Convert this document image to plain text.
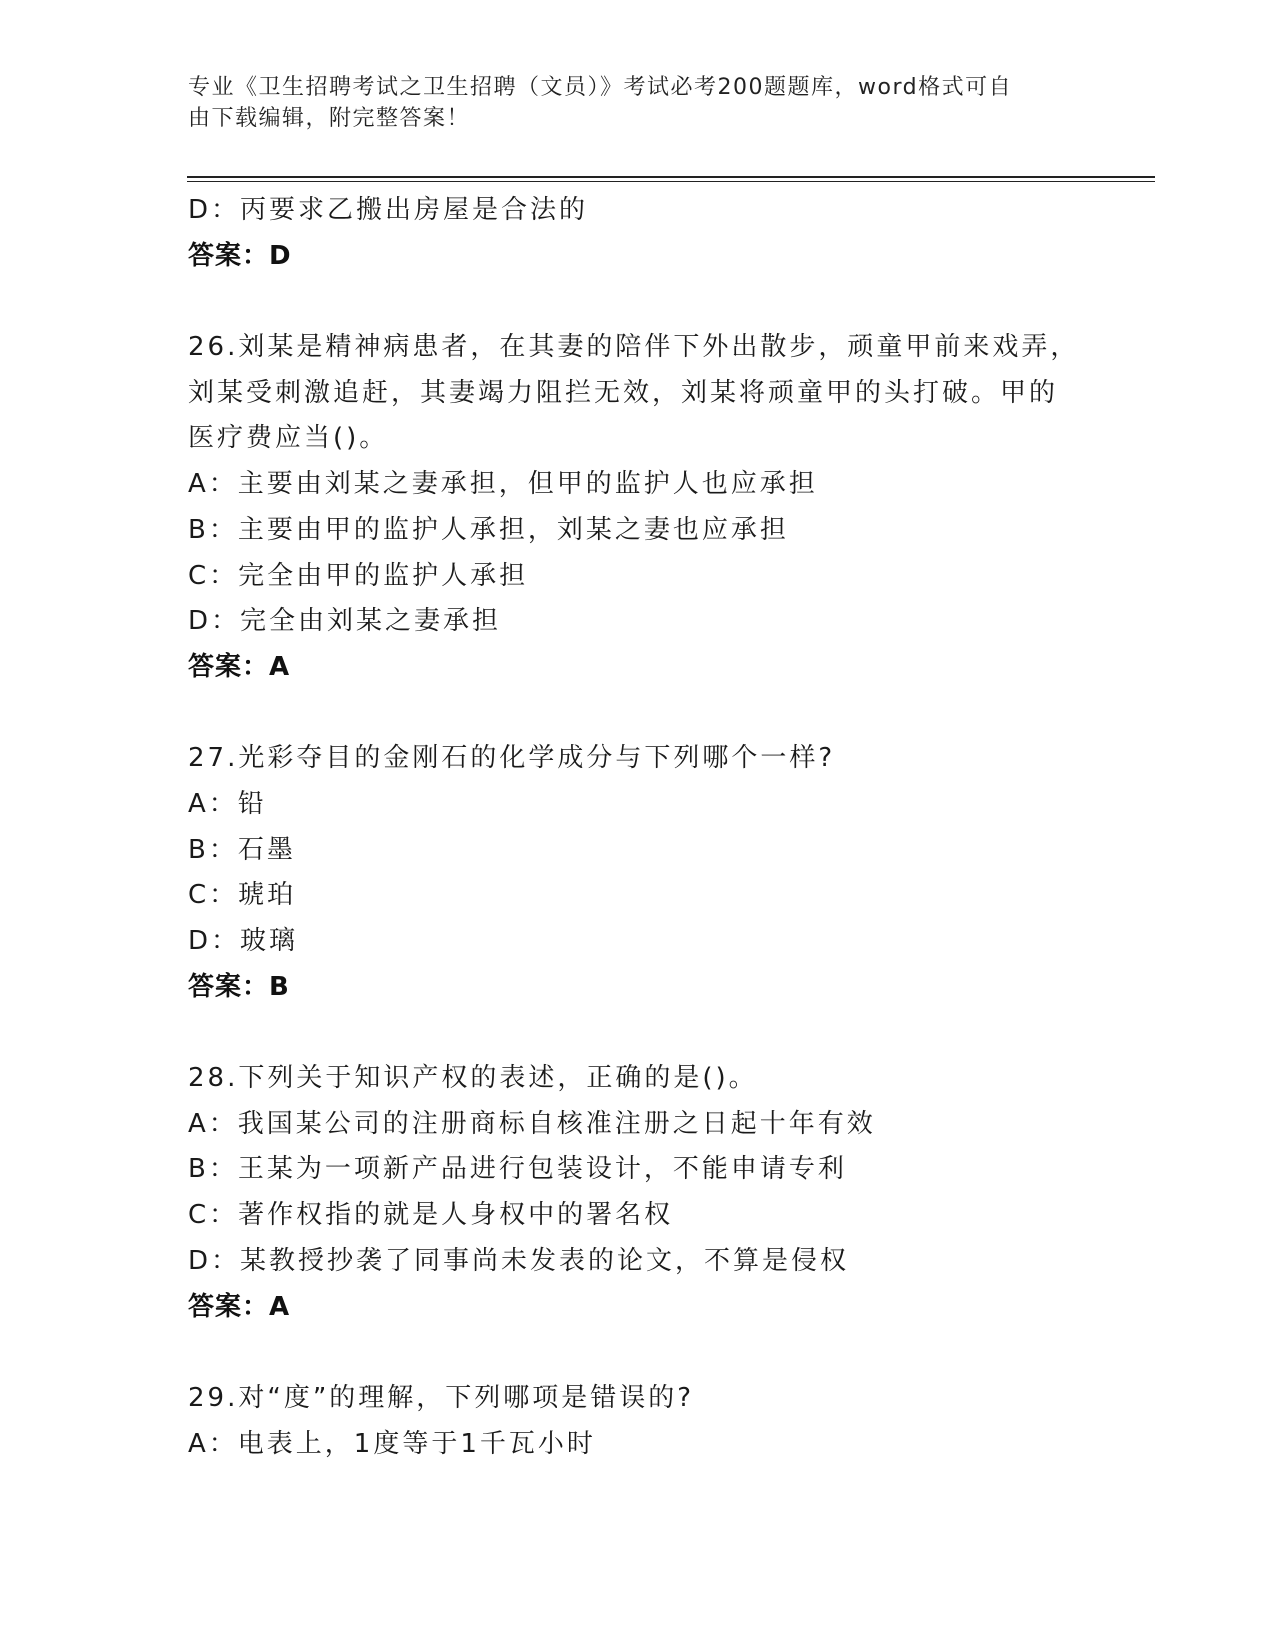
专业《卫生招聘考试之卫生招聘（文员）》考试必考200题题库，word格式可自
由下载编辑，附完整答案！
D：丙要求乙搬出房屋是合法的
答案：D
26.刘某是精神病患者，在其妻的陪伴下外出散步，顽童甲前来戏弄，
刘某受刺激追赶，其妻竭力阻拦无效，刘某将顽童甲的头打破。甲的
医疗费应当()。
A：主要由刘某之妻承担，但甲的监护人也应承担
B：主要由甲的监护人承担，刘某之妻也应承担
C：完全由甲的监护人承担
D：完全由刘某之妻承担
答案：A
27.光彩夺目的金刚石的化学成分与下列哪个一样?
A：铅
B：石墨
C：琥珀
D：玻璃
答案：B
28.下列关于知识产权的表述，正确的是()。
A：我国某公司的注册商标自核准注册之日起十年有效
B：王某为一项新产品进行包装设计，不能申请专利
C：著作权指的就是人身权中的署名权
D：某教授抄袭了同事尚未发表的论文，不算是侵权
答案：A
29.对“度”的理解，下列哪项是错误的?
A：电表上，1度等于1千瓦小时
